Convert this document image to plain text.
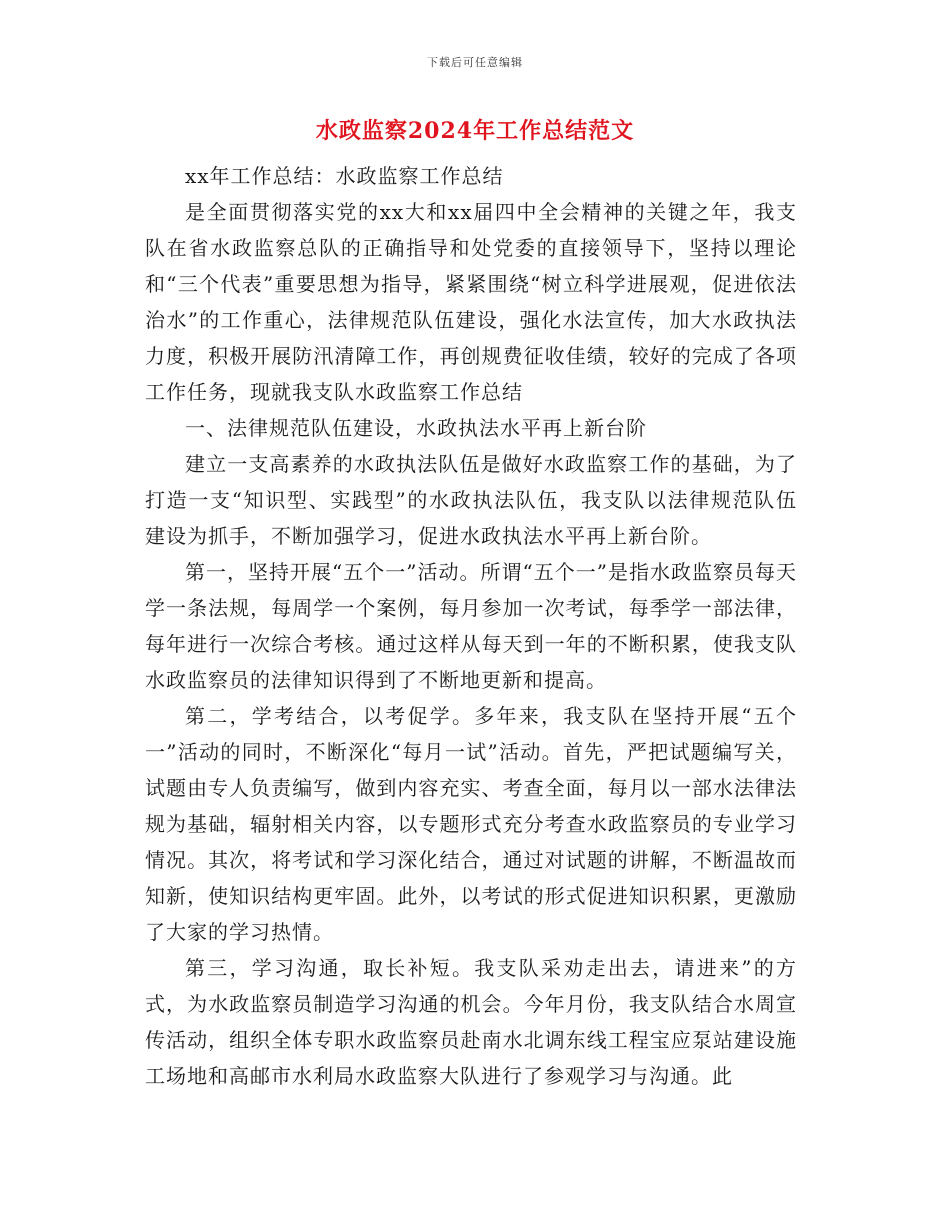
下载后可任意编辑
水政监察2024年工作总结范文

xx年工作总结：水政监察工作总结

是全面贯彻落实党的xx大和xx届四中全会精神的关键之年，我支队在省水政监察总队的正确指导和处党委的直接领导下，坚持以理论和“三个代表”重要思想为指导，紧紧围绕“树立科学进展观，促进依法治水”的工作重心，法律规范队伍建设，强化水法宣传，加大水政执法力度，积极开展防汛清障工作，再创规费征收佳绩，较好的完成了各项工作任务，现就我支队水政监察工作总结

一、法律规范队伍建设，水政执法水平再上新台阶

建立一支高素养的水政执法队伍是做好水政监察工作的基础，为了打造一支“知识型、实践型”的水政执法队伍，我支队以法律规范队伍建设为抓手，不断加强学习，促进水政执法水平再上新台阶。

第一，坚持开展“五个一”活动。所谓“五个一”是指水政监察员每天学一条法规，每周学一个案例，每月参加一次考试，每季学一部法律，每年进行一次综合考核。通过这样从每天到一年的不断积累，使我支队水政监察员的法律知识得到了不断地更新和提高。

第二，学考结合，以考促学。多年来，我支队在坚持开展“五个一”活动的同时，不断深化“每月一试”活动。首先，严把试题编写关，试题由专人负责编写，做到内容充实、考查全面，每月以一部水法律法规为基础，辐射相关内容，以专题形式充分考查水政监察员的专业学习情况。其次，将考试和学习深化结合，通过对试题的讲解，不断温故而知新，使知识结构更牢固。此外，以考试的形式促进知识积累，更激励了大家的学习热情。

第三，学习沟通，取长补短。我支队采劝走出去，请进来”的方式，为水政监察员制造学习沟通的机会。今年月份，我支队结合水周宣传活动，组织全体专职水政监察员赴南水北调东线工程宝应泵站建设施工场地和高邮市水利局水政监察大队进行了参观学习与沟通。此
